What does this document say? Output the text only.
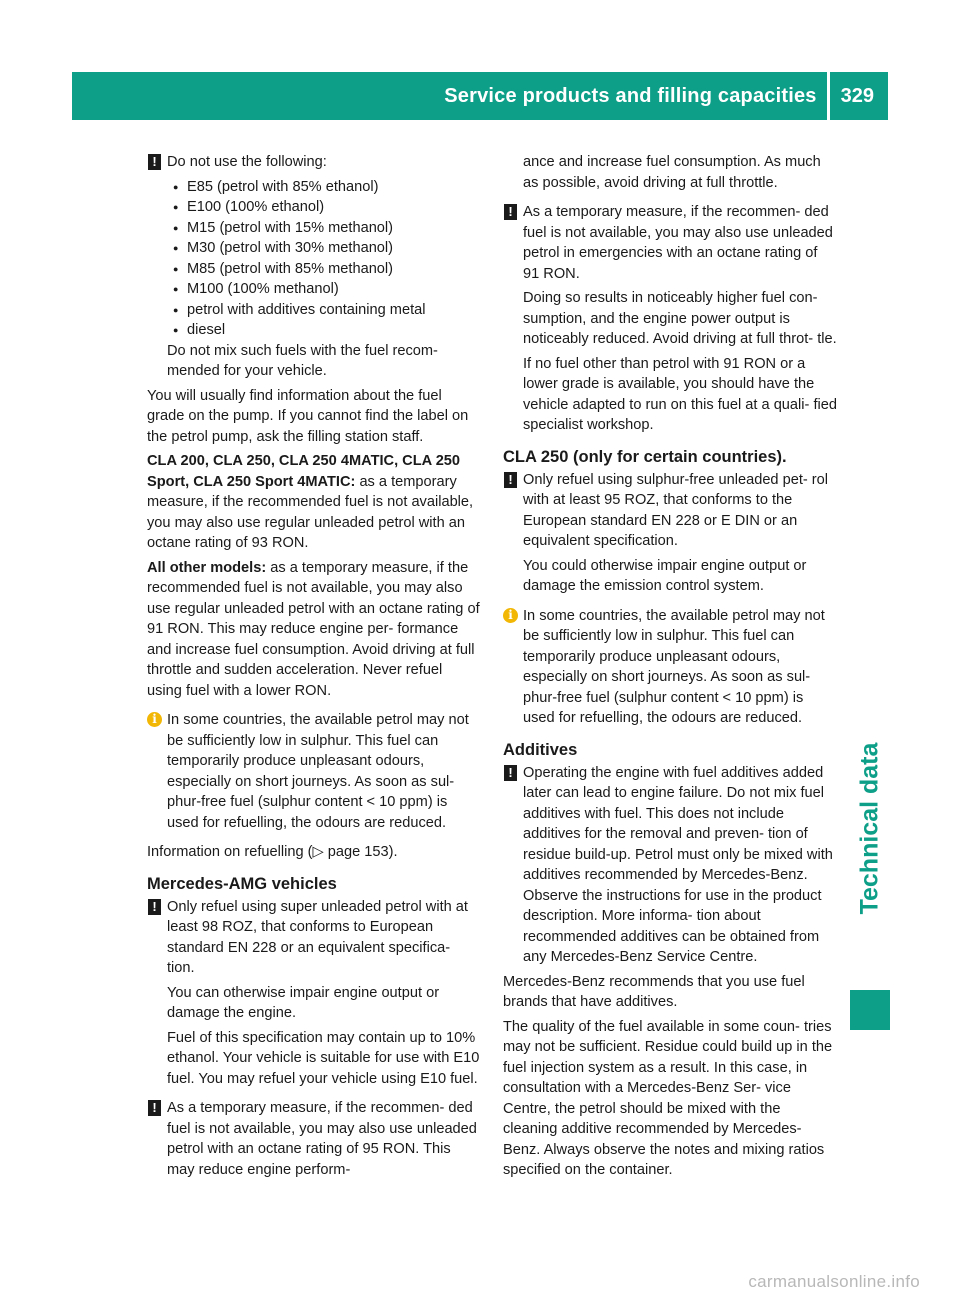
Service products and filling capacities	329
Technical data
! Do not use the following:

● E85 (petrol with 85% ethanol)

● E100 (100% ethanol)

● M15 (petrol with 15% methanol)

● M30 (petrol with 30% methanol)

● M85 (petrol with 85% methanol)

● M100 (100% methanol)

● petrol with additives containing metal

● diesel

Do not mix such fuels with the fuel recom- mended for your vehicle.

You will usually find information about the fuel grade on the pump. If you cannot find the label on the petrol pump, ask the filling station staff.

CLA 200, CLA 250, CLA 250 4MATIC, CLA 250 Sport, CLA 250 Sport 4MATIC: as a temporary measure, if the recommended fuel is not available, you may also use regular unleaded petrol with an octane rating of 93 RON.

All other models: as a temporary measure, if the recommended fuel is not available, you may also use regular unleaded petrol with an octane rating of 91 RON. This may reduce engine per- formance and increase fuel consumption. Avoid driving at full throttle and sudden acceleration. Never refuel using fuel with a lower RON.

i In some countries, the available petrol may not be sufficiently low in sulphur. This fuel can temporarily produce unpleasant odours, especially on short journeys. As soon as sul- phur-free fuel (sulphur content < 10 ppm) is used for refuelling, the odours are reduced.

Information on refuelling (▷ page 153).

Mercedes-AMG vehicles

! Only refuel using super unleaded petrol with at least 98 ROZ, that conforms to European standard EN 228 or an equivalent specifica- tion.

You can otherwise impair engine output or damage the engine.

Fuel of this specification may contain up to 10% ethanol. Your vehicle is suitable for use with E10 fuel. You may refuel your vehicle using E10 fuel.

! As a temporary measure, if the recommen- ded fuel is not available, you may also use unleaded petrol with an octane rating of 95 RON. This may reduce engine perform-

ance and increase fuel consumption. As much as possible, avoid driving at full throttle.

! As a temporary measure, if the recommen- ded fuel is not available, you may also use unleaded petrol in emergencies with an octane rating of 91 RON.

Doing so results in noticeably higher fuel con- sumption, and the engine power output is noticeably reduced. Avoid driving at full throt- tle.

If no fuel other than petrol with 91 RON or a lower grade is available, you should have the vehicle adapted to run on this fuel at a quali- fied specialist workshop.

CLA 250 (only for certain countries).

! Only refuel using sulphur-free unleaded pet- rol with at least 95 ROZ, that conforms to the European standard EN 228 or E DIN or an equivalent specification.

You could otherwise impair engine output or damage the emission control system.

i In some countries, the available petrol may not be sufficiently low in sulphur. This fuel can temporarily produce unpleasant odours, especially on short journeys. As soon as sul- phur-free fuel (sulphur content < 10 ppm) is used for refuelling, the odours are reduced.

Additives

! Operating the engine with fuel additives added later can lead to engine failure. Do not mix fuel additives with fuel. This does not include additives for the removal and preven- tion of residue build-up. Petrol must only be mixed with additives recommended by Mercedes-Benz. Observe the instructions for use in the product description. More informa- tion about recommended additives can be obtained from any Mercedes-Benz Service Centre.

Mercedes-Benz recommends that you use fuel brands that have additives.

The quality of the fuel available in some coun- tries may not be sufficient. Residue could build up in the fuel injection system as a result. In this case, in consultation with a Mercedes-Benz Ser- vice Centre, the petrol should be mixed with the cleaning additive recommended by Mercedes- Benz. Always observe the notes and mixing ratios specified on the container.

carmanualsonline.info
